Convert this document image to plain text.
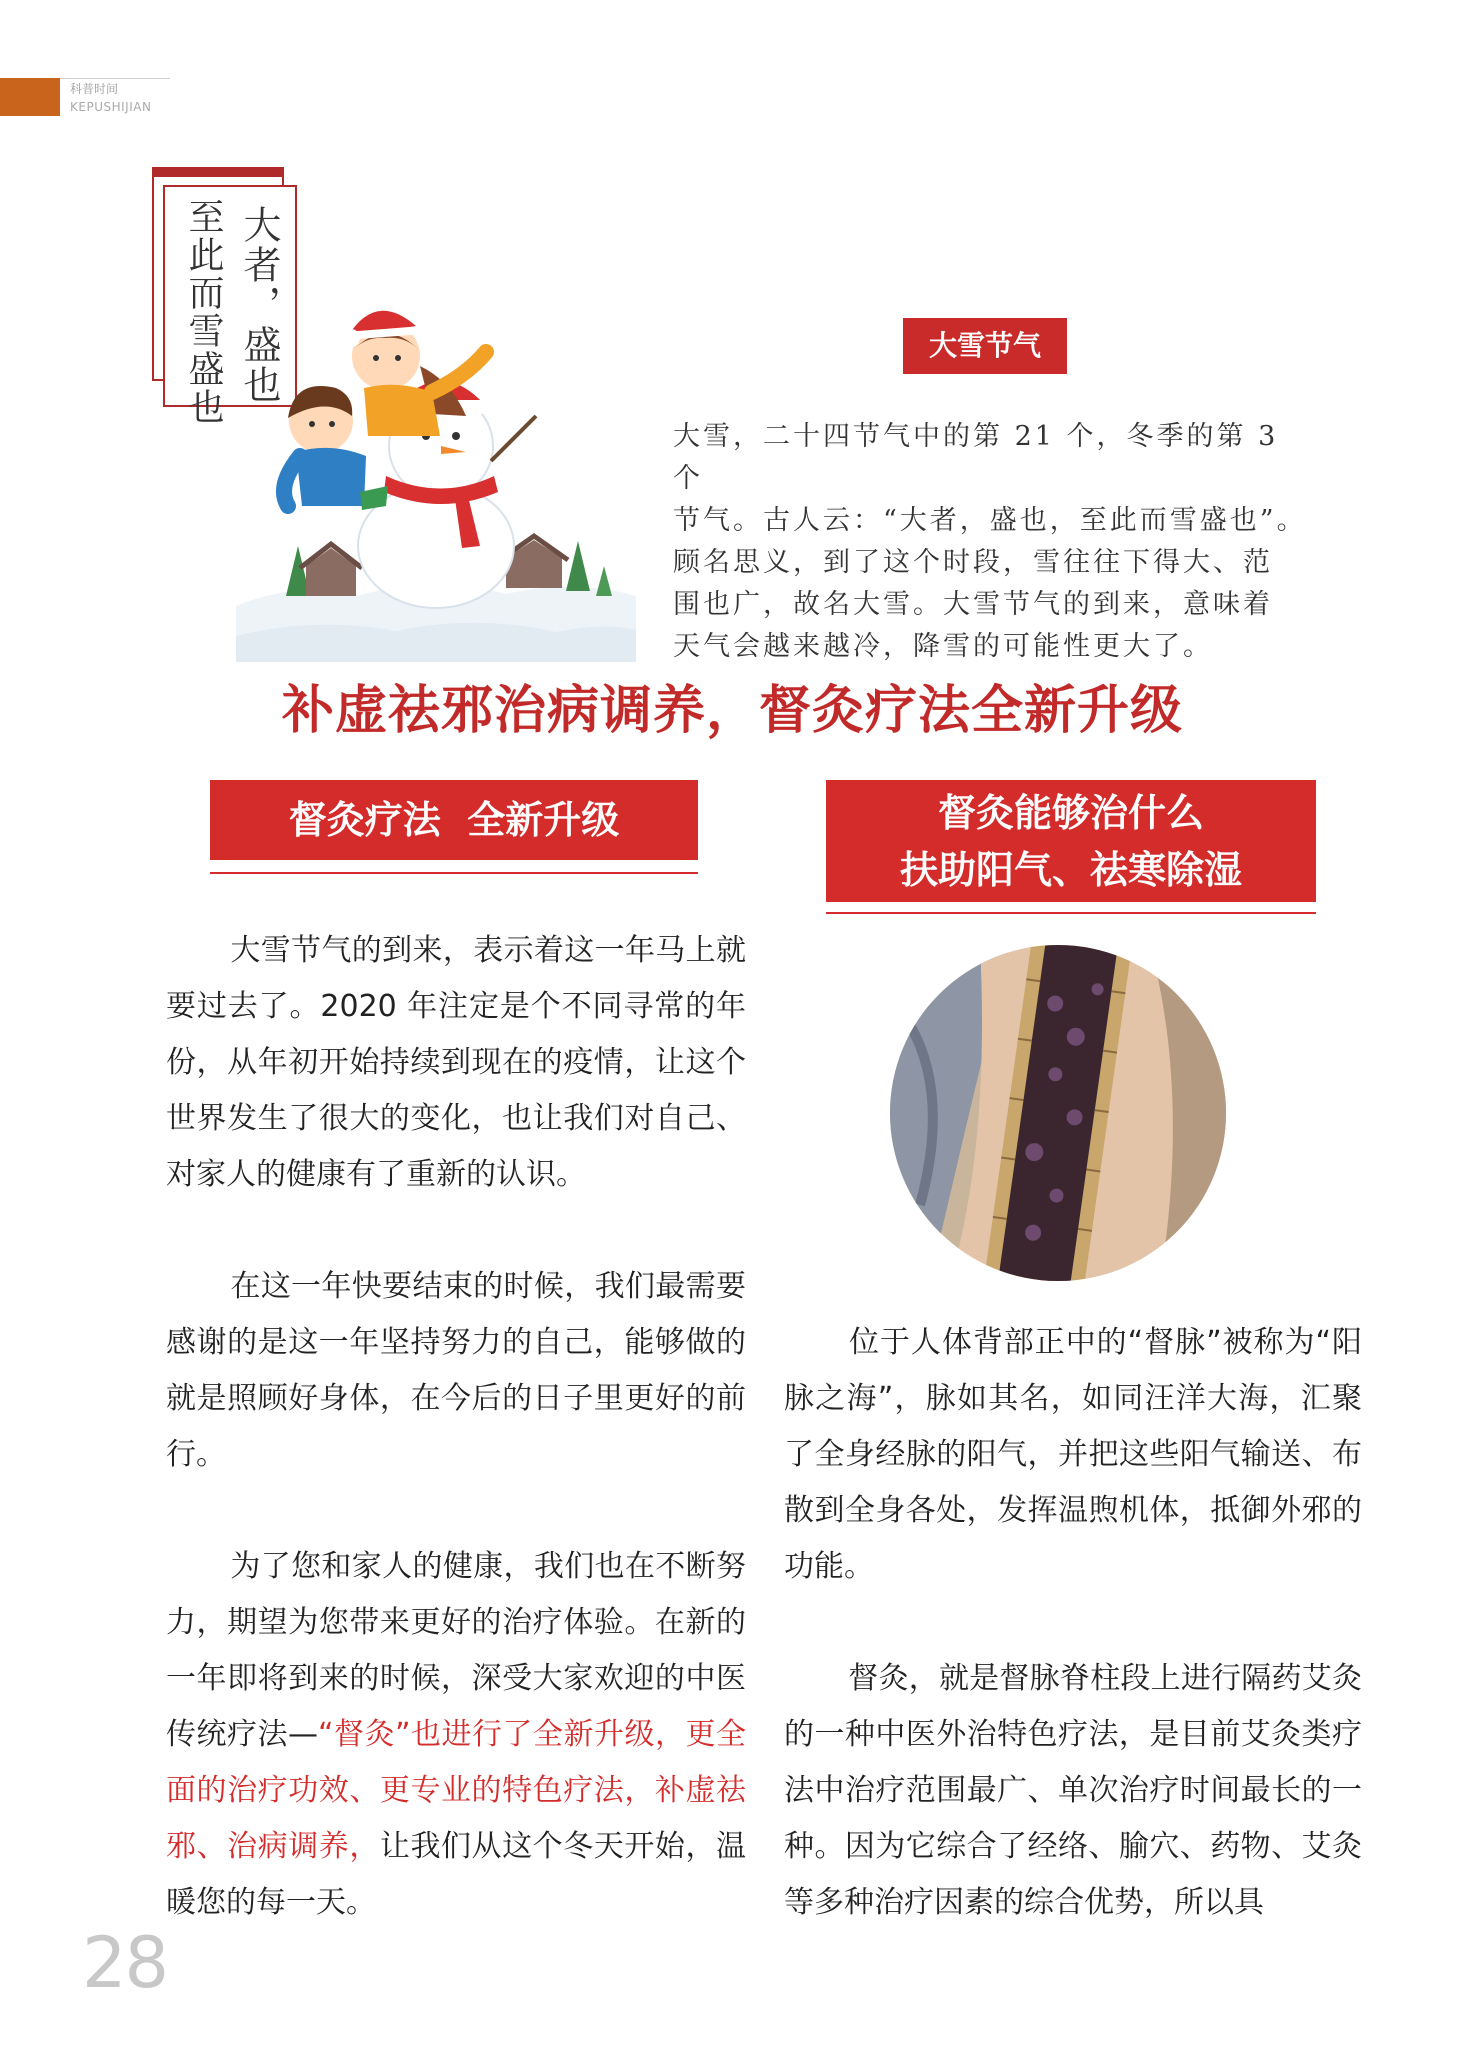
科普时间
KEPUSHIJIAN
大者，盛也
至此而雪盛也	大雪节气
大雪，二十四节气中的第 21 个，冬季的第 3 个
节气。古人云：“大者，盛也，至此而雪盛也”。
顾名思义，到了这个时段，雪往往下得大、范
围也广，故名大雪。大雪节气的到来，意味着
天气会越来越冷，降雪的可能性更大了。
补虚祛邪治病调养，督灸疗法全新升级
督灸疗法  全新升级	督灸能够治什么
扶助阳气、祛寒除湿
大雪节气的到来，表示着这一年马上就要过去了。2020 年注定是个不同寻常的年份，从年初开始持续到现在的疫情，让这个世界发生了很大的变化，也让我们对自己、对家人的健康有了重新的认识。
在这一年快要结束的时候，我们最需要感谢的是这一年坚持努力的自己，能够做的就是照顾好身体，在今后的日子里更好的前行。
为了您和家人的健康，我们也在不断努力，期望为您带来更好的治疗体验。在新的一年即将到来的时候，深受大家欢迎的中医传统疗法—“督灸”也进行了全新升级，更全面的治疗功效、更专业的特色疗法，补虚祛邪、治病调养，让我们从这个冬天开始，温暖您的每一天。
位于人体背部正中的“督脉”被称为“阳脉之海”，脉如其名，如同汪洋大海，汇聚了全身经脉的阳气，并把这些阳气输送、布散到全身各处，发挥温煦机体，抵御外邪的功能。
督灸，就是督脉脊柱段上进行隔药艾灸的一种中医外治特色疗法，是目前艾灸类疗法中治疗范围最广、单次治疗时间最长的一种。因为它综合了经络、腧穴、药物、艾灸等多种治疗因素的综合优势，所以具
28
